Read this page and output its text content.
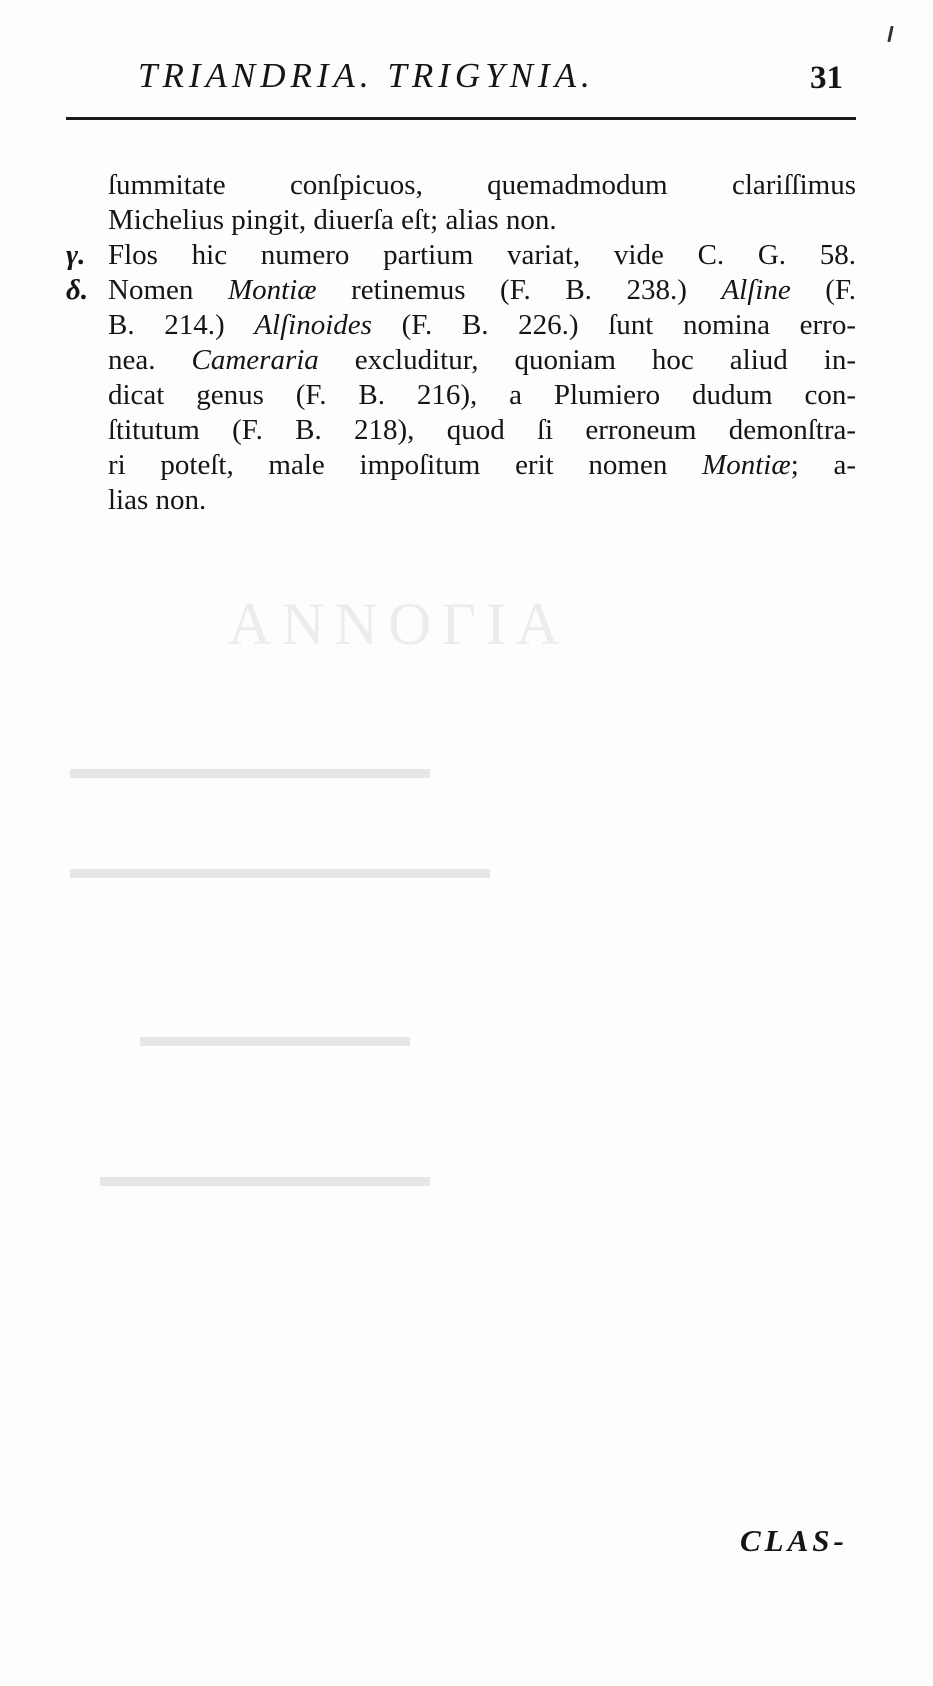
TRIANDRIA. TRIGYNIA.	31
ſummitate conſpicuos, quemadmodum clariſſimus
Michelius pingit, diuerſa eſt; alias non.
γ. Flos hic numero partium variat, vide C. G. 58.
δ. Nomen Montiæ retinemus (F. B. 238.) Alſine (F.
B. 214.) Alſinoides (F. B. 226.) ſunt nomina erro-
nea. Cameraria excluditur, quoniam hoc aliud in-
dicat genus (F. B. 216), a Plumiero dudum con-
ſtitutum (F. B. 218), quod ſi erroneum demonſtra-
ri poteſt, male impoſitum erit nomen Montiæ; a-
lias non.
ΑΝΝΟΓΙΑ
▬▬▬▬▬▬▬▬▬▬▬▬
▬▬▬▬▬▬▬▬▬▬▬▬▬▬
▬▬▬▬▬▬▬▬▬
▬▬▬▬▬▬▬▬▬▬▬
CLAS-
